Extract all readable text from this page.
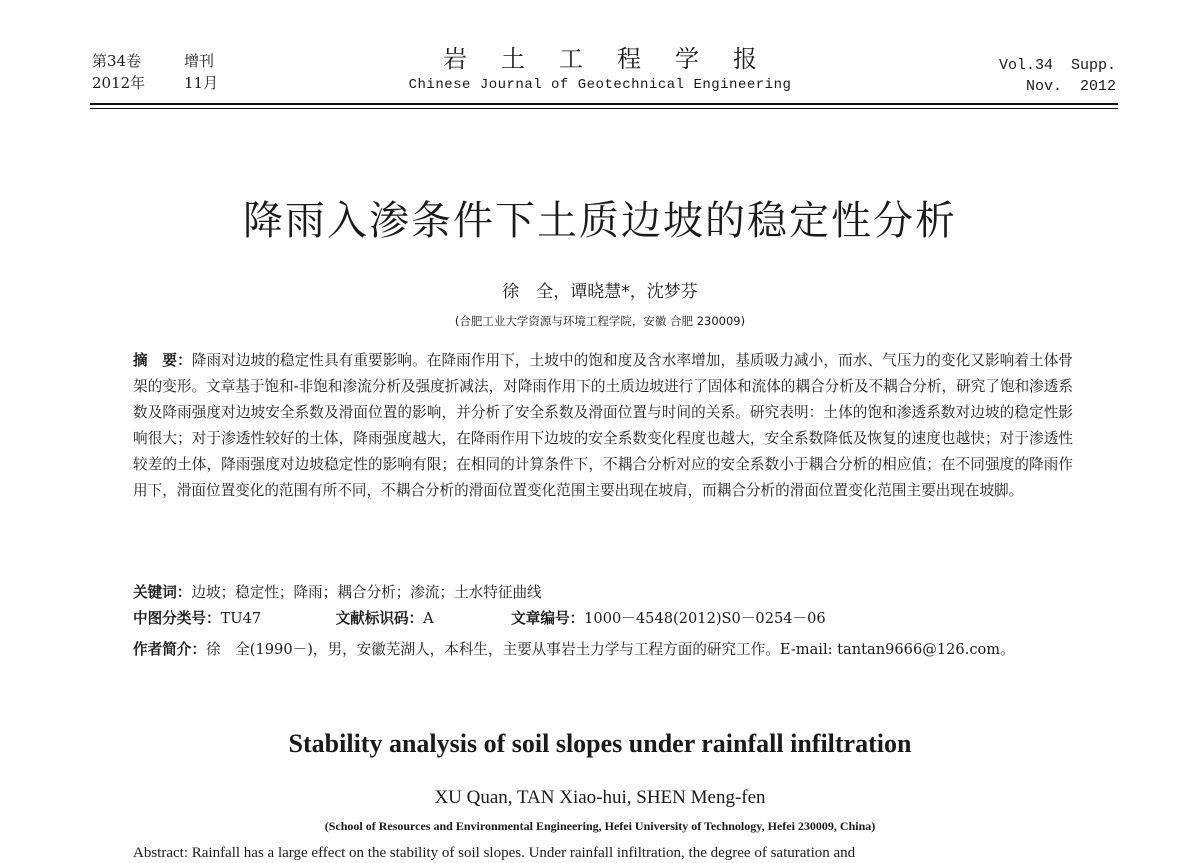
第34卷	增刊
2012年	11月
岩土工程学报
Chinese Journal of Geotechnical Engineering
Vol.34  Supp.
Nov.  2012
降雨入渗条件下土质边坡的稳定性分析
徐　全，谭晓慧*，沈梦芬
(合肥工业大学资源与环境工程学院，安徽 合肥 230009)
摘　要：降雨对边坡的稳定性具有重要影响。在降雨作用下，土坡中的饱和度及含水率增加，基质吸力减小，而水、气压力的变化又影响着土体骨架的变形。文章基于饱和-非饱和渗流分析及强度折减法，对降雨作用下的土质边坡进行了固体和流体的耦合分析及不耦合分析，研究了饱和渗透系数及降雨强度对边坡安全系数及滑面位置的影响，并分析了安全系数及滑面位置与时间的关系。研究表明：土体的饱和渗透系数对边坡的稳定性影响很大；对于渗透性较好的土体，降雨强度越大，在降雨作用下边坡的安全系数变化程度也越大，安全系数降低及恢复的速度也越快；对于渗透性较差的土体，降雨强度对边坡稳定性的影响有限；在相同的计算条件下，不耦合分析对应的安全系数小于耦合分析的相应值；在不同强度的降雨作用下，滑面位置变化的范围有所不同，不耦合分析的滑面位置变化范围主要出现在坡肩，而耦合分析的滑面位置变化范围主要出现在坡脚。
关键词：边坡；稳定性；降雨；耦合分析；渗流；土水特征曲线
中图分类号：TU47	文献标识码：A	文章编号：1000－4548(2012)S0－0254－06
作者简介：徐　全(1990－)，男，安徽芜湖人，本科生，主要从事岩土力学与工程方面的研究工作。E-mail: tantan9666@126.com。
Stability analysis of soil slopes under rainfall infiltration
XU Quan, TAN Xiao-hui, SHEN Meng-fen
(School of Resources and Environmental Engineering, Hefei University of Technology, Hefei 230009, China)
Abstract: Rainfall has a large effect on the stability of soil slopes. Under rainfall infiltration, the degree of saturation and
